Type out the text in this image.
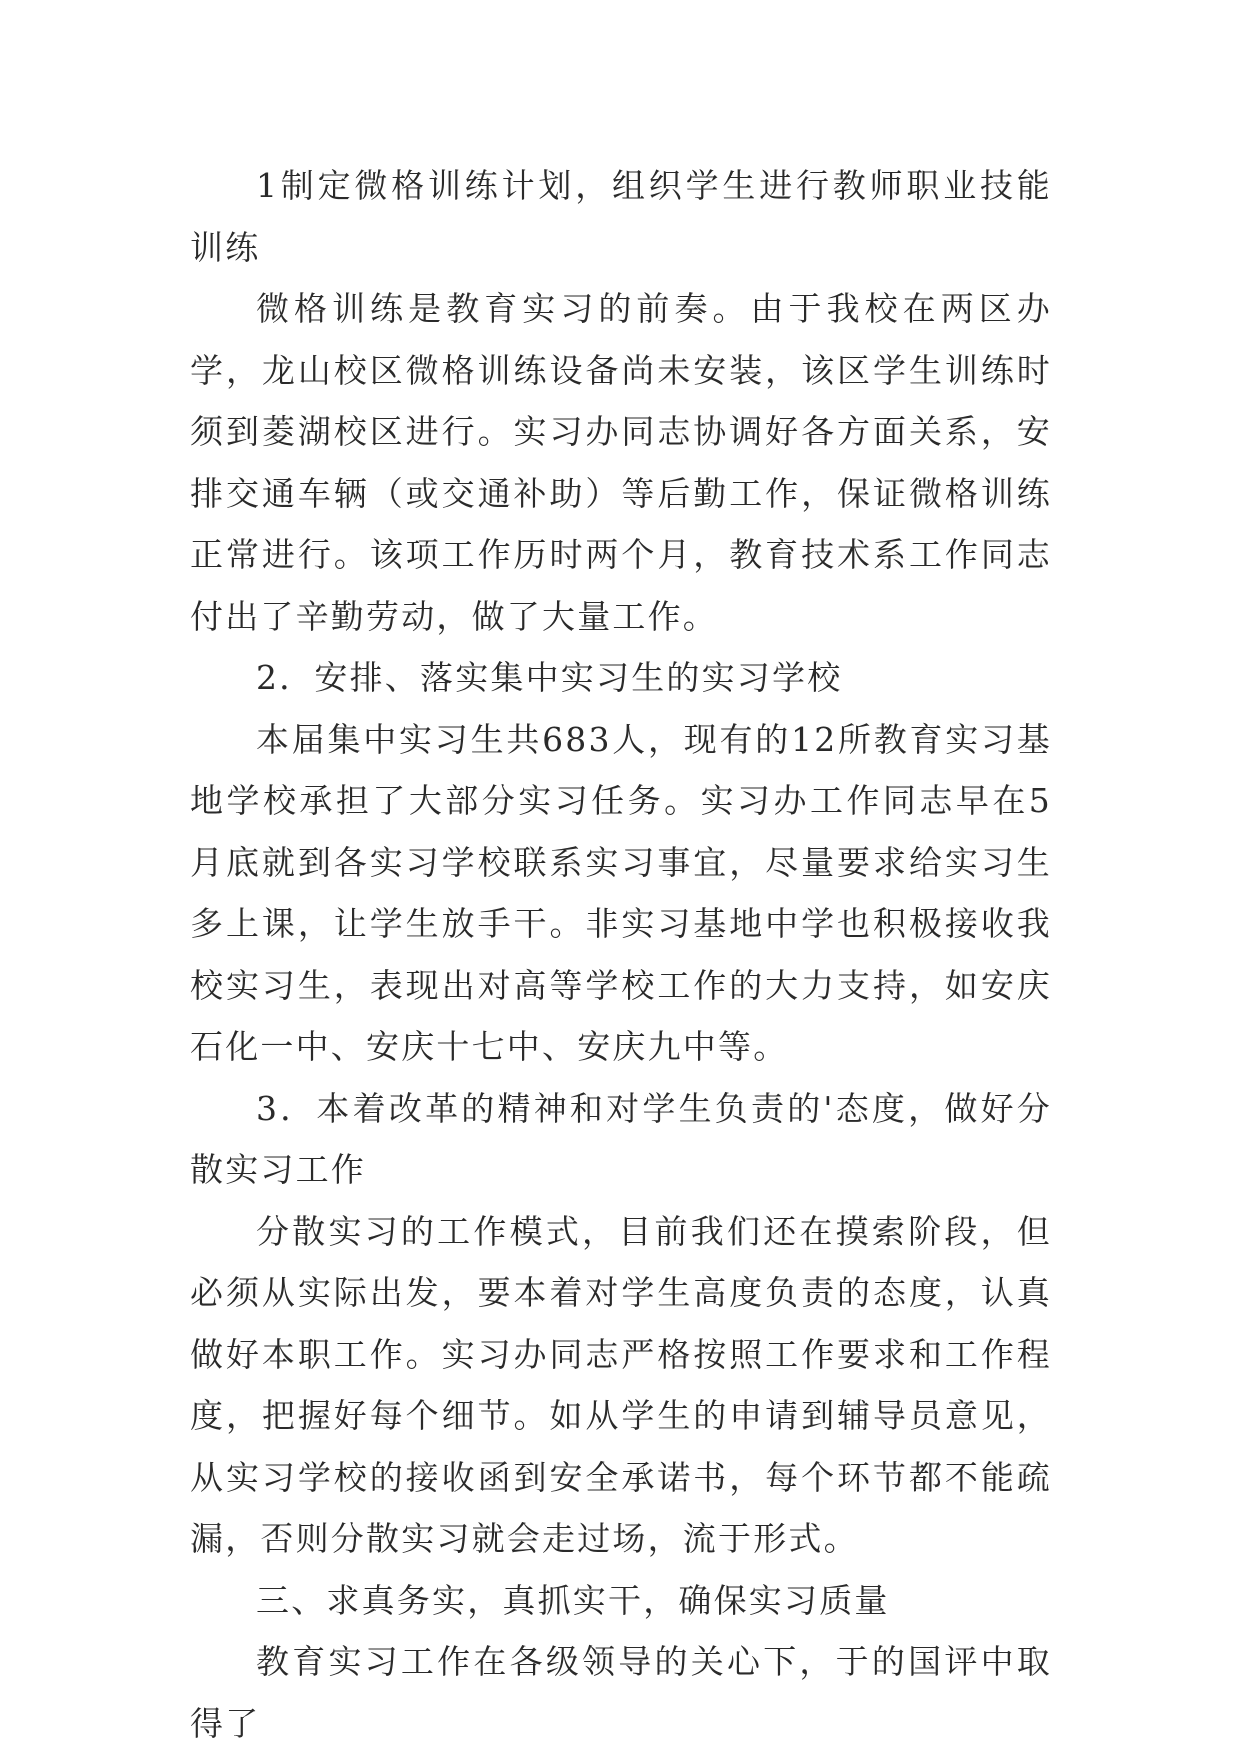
1制定微格训练计划，组织学生进行教师职业技能训练

微格训练是教育实习的前奏。由于我校在两区办学，龙山校区微格训练设备尚未安装，该区学生训练时须到菱湖校区进行。实习办同志协调好各方面关系，安排交通车辆（或交通补助）等后勤工作，保证微格训练正常进行。该项工作历时两个月，教育技术系工作同志付出了辛勤劳动，做了大量工作。

2．安排、落实集中实习生的实习学校

本届集中实习生共683人，现有的12所教育实习基地学校承担了大部分实习任务。实习办工作同志早在5月底就到各实习学校联系实习事宜，尽量要求给实习生多上课，让学生放手干。非实习基地中学也积极接收我校实习生，表现出对高等学校工作的大力支持，如安庆石化一中、安庆十七中、安庆九中等。

3．本着改革的精神和对学生负责的'态度，做好分散实习工作

分散实习的工作模式，目前我们还在摸索阶段，但必须从实际出发，要本着对学生高度负责的态度，认真做好本职工作。实习办同志严格按照工作要求和工作程度，把握好每个细节。如从学生的申请到辅导员意见，从实习学校的接收函到安全承诺书，每个环节都不能疏漏，否则分散实习就会走过场，流于形式。

三、求真务实，真抓实干，确保实习质量

教育实习工作在各级领导的关心下，于的国评中取得了
